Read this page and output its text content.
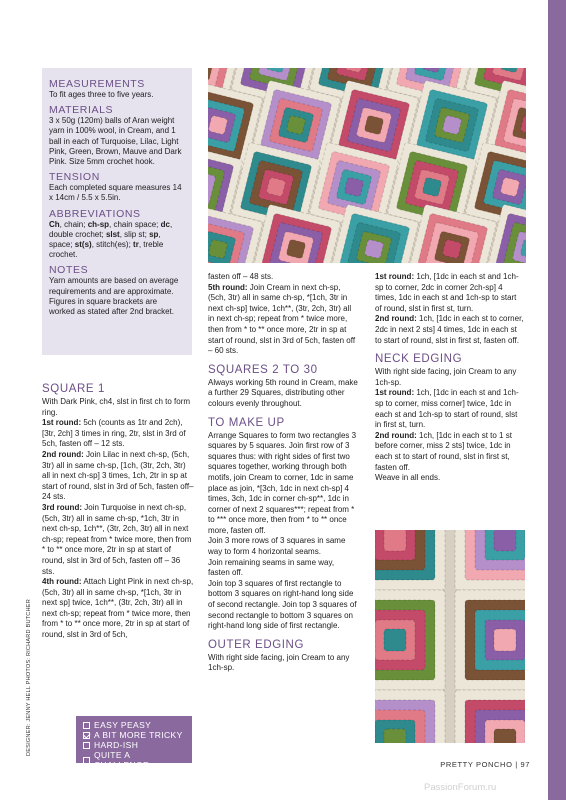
MEASUREMENTS
To fit ages three to five years.
MATERIALS
3 x 50g (120m) balls of Aran weight yarn in 100% wool, in Cream, and 1 ball in each of Turquoise, Lilac, Light Pink, Green, Brown, Mauve and Dark Pink. Size 5mm crochet hook.
TENSION
Each completed square measures 14 x 14cm / 5.5 x 5.5in.
ABBREVIATIONS
Ch, chain; ch-sp, chain space; dc, double crochet; slst, slip st; sp, space; st(s), stitch(es); tr, treble crochet.
NOTES
Yarn amounts are based on average requirements and are approximate. Figures in square brackets are worked as stated after 2nd bracket.
SQUARE 1

With Dark Pink, ch4, slst in first ch to form ring.

1st round: 5ch (counts as 1tr and 2ch), [3tr, 2ch] 3 times in ring, 2tr, slst in 3rd of 5ch, fasten off – 12 sts.

2nd round: Join Lilac in next ch-sp, (5ch, 3tr) all in same ch-sp, [1ch, (3tr, 2ch, 3tr) all in next ch-sp] 3 times, 1ch, 2tr in sp at start of round, slst in 3rd of 5ch, fasten off– 24 sts.

3rd round: Join Turquoise in next ch-sp, (5ch, 3tr) all in same ch-sp, *1ch, 3tr in next ch-sp, 1ch**, (3tr, 2ch, 3tr) all in next ch-sp; repeat from * twice more, then from * to ** once more, 2tr in sp at start of round, slst in 3rd of 5ch, fasten off – 36 sts.

4th round: Attach Light Pink in next ch-sp, (5ch, 3tr) all in same ch-sp, *[1ch, 3tr in next sp] twice, 1ch**, (3tr, 2ch, 3tr) all in next ch-sp; repeat from * twice more, then from * to ** once more, 2tr in sp at start of round, slst in 3rd of 5ch,

fasten off – 48 sts.

5th round: Join Cream in next ch-sp, (5ch, 3tr) all in same ch-sp, *[1ch, 3tr in next ch-sp] twice, 1ch**, (3tr, 2ch, 3tr) all in next ch-sp; repeat from * twice more, then from * to ** once more, 2tr in sp at start of round, slst in 3rd of 5ch, fasten off – 60 sts.

SQUARES 2 TO 30

Always working 5th round in Cream, make a further 29 Squares, distributing other colours evenly throughout.

TO MAKE UP

Arrange Squares to form two rectangles 3 squares by 5 squares. Join first row of 3 squares thus: with right sides of first two squares together, working through both motifs, join Cream to corner, 1dc in same place as join, *[3ch, 1dc in next ch-sp] 4 times, 3ch, 1dc in corner ch-sp**, 1dc in corner of next 2 squares***; repeat from * to *** once more, then from * to ** once more, fasten off.

Join 3 more rows of 3 squares in same way to form 4 horizontal seams.

Join remaining seams in same way, fasten off.

Join top 3 squares of first rectangle to bottom 3 squares on right-hand long side of second rectangle. Join top 3 squares of second rectangle to bottom 3 squares on right-hand long side of first rectangle.

OUTER EDGING

With right side facing, join Cream to any 1ch-sp.

1st round: 1ch, [1dc in each st and 1ch-sp to corner, 2dc in corner 2ch-sp] 4 times, 1dc in each st and 1ch-sp to start of round, slst in first st, turn.

2nd round: 1ch, [1dc in each st to corner, 2dc in next 2 sts] 4 times, 1dc in each st to start of round, slst in first st, fasten off.

NECK EDGING

With right side facing, join Cream to any 1ch-sp.

1st round: 1ch, [1dc in each st and 1ch-sp to corner, miss corner] twice, 1dc in each st and 1ch-sp to start of round, slst in first st, turn.

2nd round: 1ch, [1dc in each st to 1 st before corner, miss 2 sts] twice, 1dc in each st to start of round, slst in first st, fasten off.

Weave in all ends.

EASY PEASY
A BIT MORE TRICKY
HARD-ISH
QUITE A CHALLENGE
DESIGNER: JENNY HELL PHOTOS: RICHARD BUTCHER
PRETTY PONCHO | 97
PassionForum.ru
